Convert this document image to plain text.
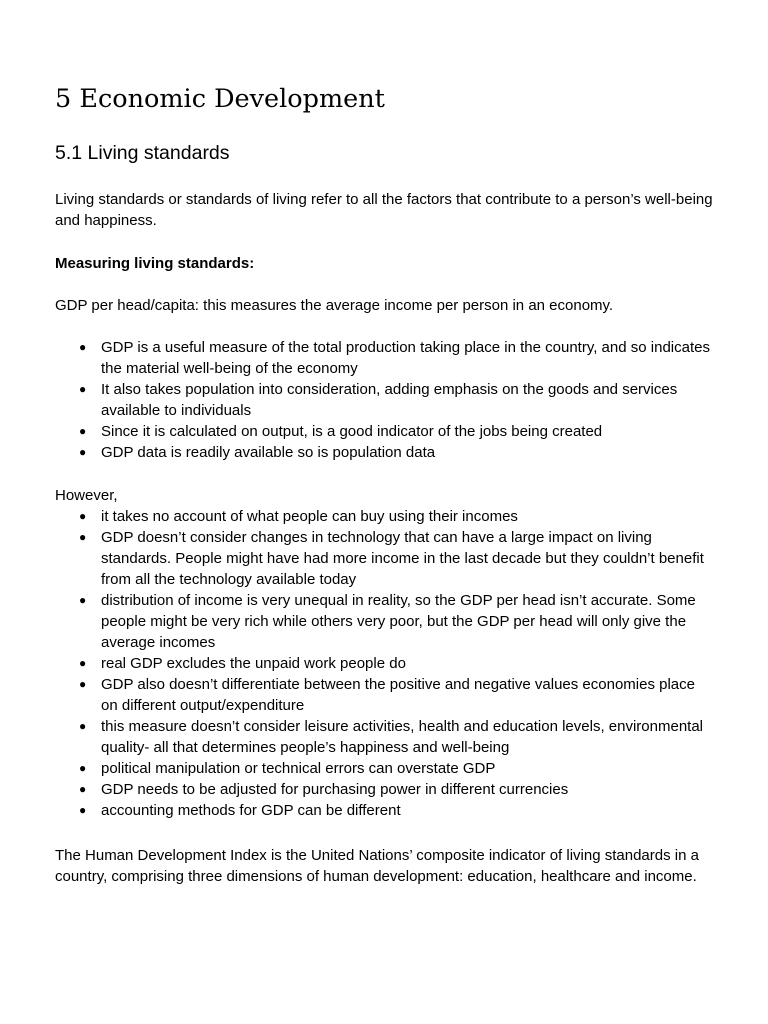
5 Economic Development
5.1 Living standards

Living standards or standards of living refer to all the factors that contribute to a person’s well-being and happiness.

Measuring living standards:

GDP per head/capita: this measures the average income per person in an economy.

● GDP is a useful measure of the total production taking place in the country, and so indicates the material well-being of the economy
● It also takes population into consideration, adding emphasis on the goods and services available to individuals
● Since it is calculated on output, is a good indicator of the jobs being created
● GDP data is readily available so is population data

However,

● it takes no account of what people can buy using their incomes
● GDP doesn’t consider changes in technology that can have a large impact on living standards. People might have had more income in the last decade but they couldn’t benefit from all the technology available today
● distribution of income is very unequal in reality, so the GDP per head isn’t accurate. Some people might be very rich while others very poor, but the GDP per head will only give the average incomes
● real GDP excludes the unpaid work people do
● GDP also doesn’t differentiate between the positive and negative values economies place on different output/expenditure
● this measure doesn’t consider leisure activities, health and education levels, environmental quality- all that determines people’s happiness and well-being
● political manipulation or technical errors can overstate GDP
● GDP needs to be adjusted for purchasing power in different currencies
● accounting methods for GDP can be different

The Human Development Index is the United Nations’ composite indicator of living standards in a country, comprising three dimensions of human development: education, healthcare and income.
